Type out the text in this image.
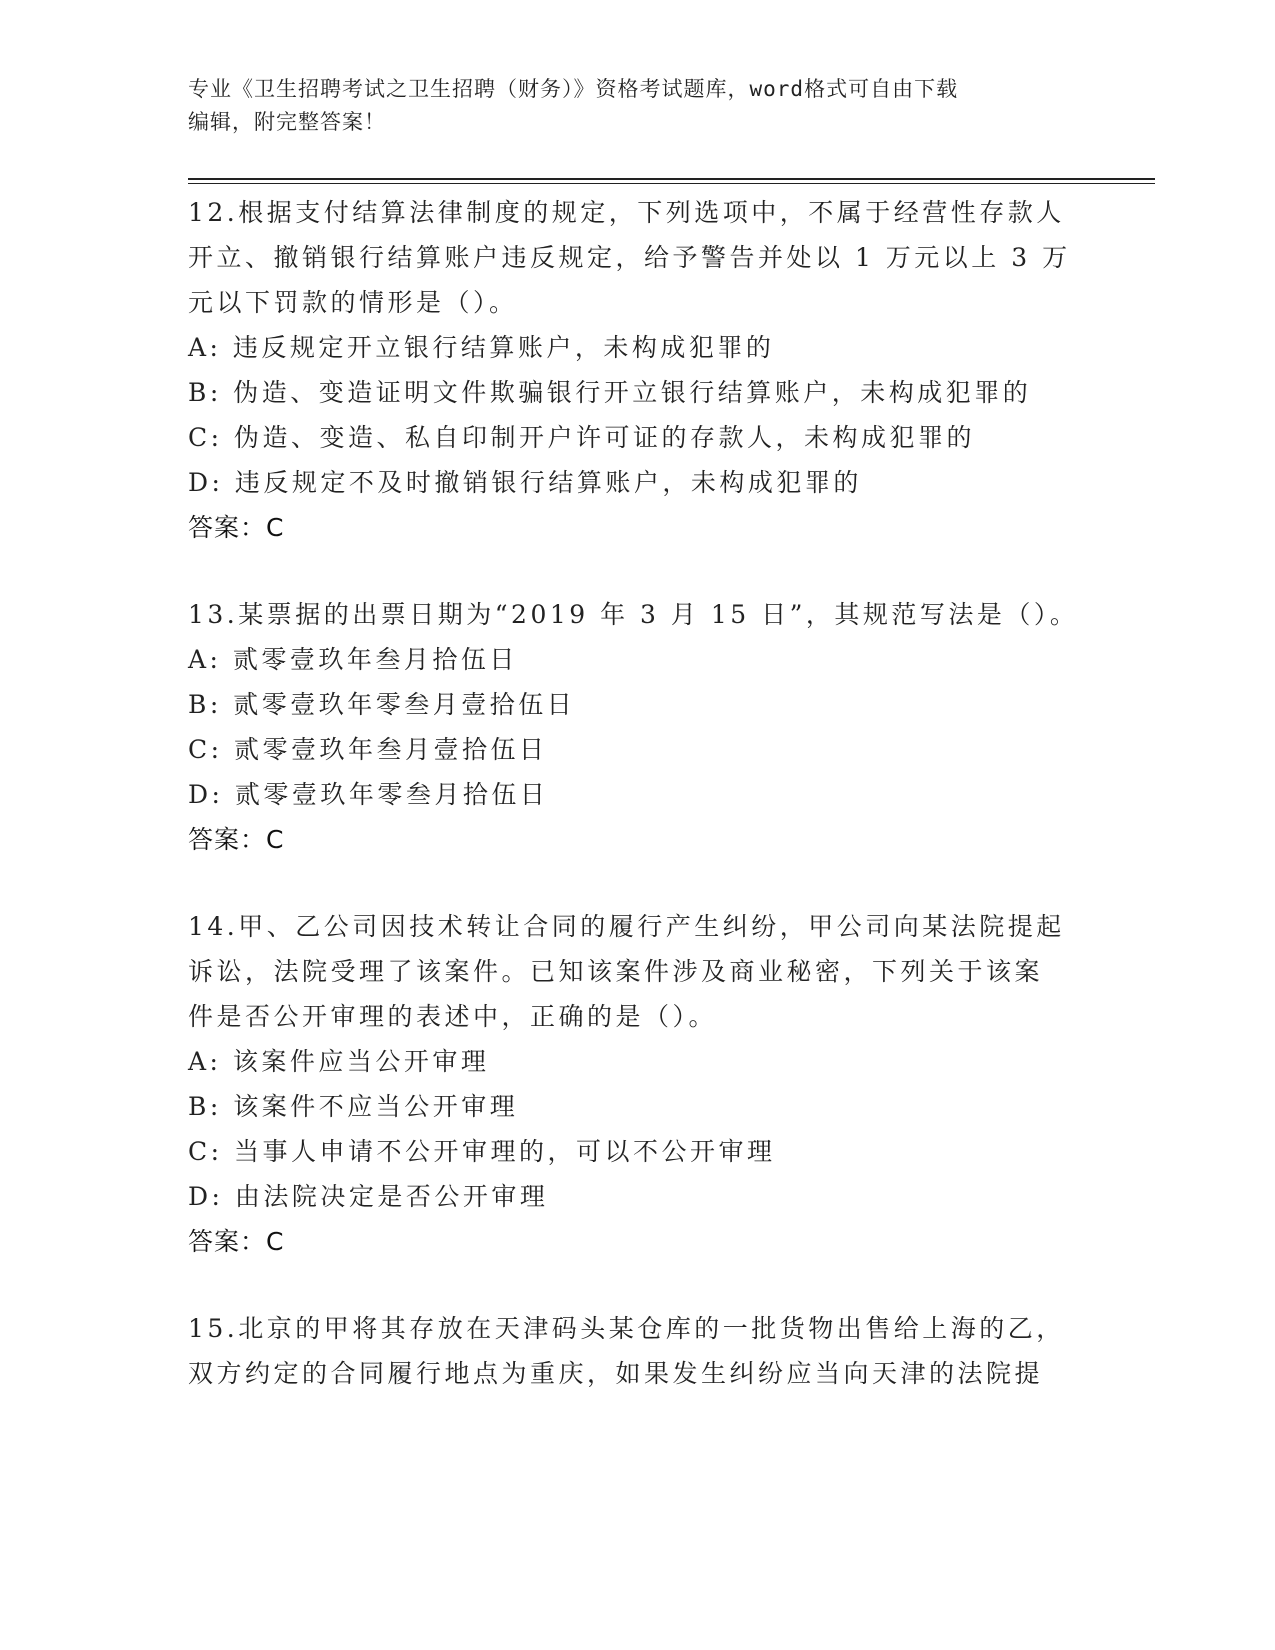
专业《卫生招聘考试之卫生招聘（财务）》资格考试题库，word格式可自由下载
编辑，附完整答案！
12.根据支付结算法律制度的规定，下列选项中，不属于经营性存款人
开立、撤销银行结算账户违反规定，给予警告并处以 1 万元以上 3 万
元以下罚款的情形是（）。
A: 违反规定开立银行结算账户，未构成犯罪的
B: 伪造、变造证明文件欺骗银行开立银行结算账户，未构成犯罪的
C: 伪造、变造、私自印制开户许可证的存款人，未构成犯罪的
D: 违反规定不及时撤销银行结算账户，未构成犯罪的
答案：C
13.某票据的出票日期为“2019 年 3 月 15 日”，其规范写法是（）。
A: 贰零壹玖年叁月拾伍日
B: 贰零壹玖年零叁月壹拾伍日
C: 贰零壹玖年叁月壹拾伍日
D: 贰零壹玖年零叁月拾伍日
答案：C
14.甲、乙公司因技术转让合同的履行产生纠纷，甲公司向某法院提起
诉讼，法院受理了该案件。已知该案件涉及商业秘密，下列关于该案
件是否公开审理的表述中，正确的是（）。
A: 该案件应当公开审理
B: 该案件不应当公开审理
C: 当事人申请不公开审理的，可以不公开审理
D: 由法院决定是否公开审理
答案：C
15.北京的甲将其存放在天津码头某仓库的一批货物出售给上海的乙，
双方约定的合同履行地点为重庆，如果发生纠纷应当向天津的法院提
